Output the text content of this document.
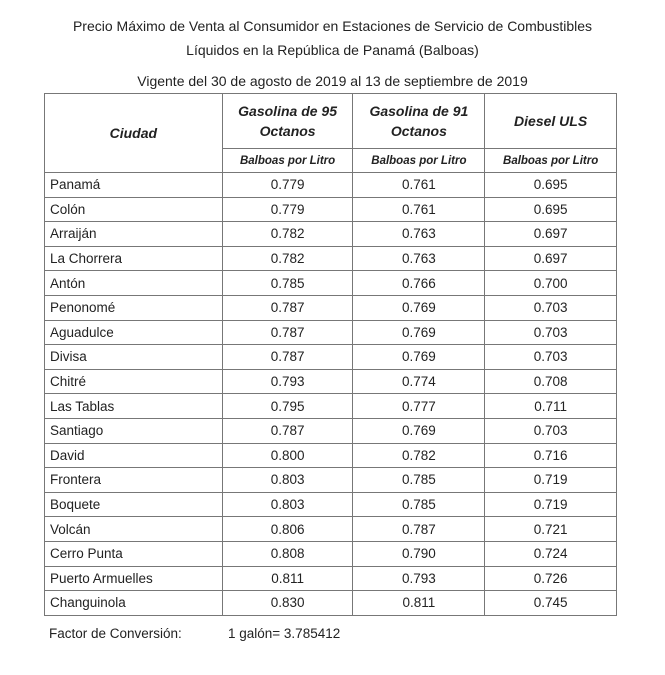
Precio Máximo de Venta al Consumidor en Estaciones de Servicio de Combustibles
Líquidos en la República de Panamá (Balboas)
Vigente del 30 de agosto de 2019 al 13 de septiembre de 2019
Ciudad	Gasolina de 95 Octanos	Gasolina de 91 Octanos	Diesel ULS
	Balboas por Litro	Balboas por Litro	Balboas por Litro
Panamá	0.779	0.761	0.695
Colón	0.779	0.761	0.695
Arraiján	0.782	0.763	0.697
La Chorrera	0.782	0.763	0.697
Antón	0.785	0.766	0.700
Penonomé	0.787	0.769	0.703
Aguadulce	0.787	0.769	0.703
Divisa	0.787	0.769	0.703
Chitré	0.793	0.774	0.708
Las Tablas	0.795	0.777	0.711
Santiago	0.787	0.769	0.703
David	0.800	0.782	0.716
Frontera	0.803	0.785	0.719
Boquete	0.803	0.785	0.719
Volcán	0.806	0.787	0.721
Cerro Punta	0.808	0.790	0.724
Puerto Armuelles	0.811	0.793	0.726
Changuinola	0.830	0.811	0.745
Factor de Conversión:	1 galón= 3.785412
